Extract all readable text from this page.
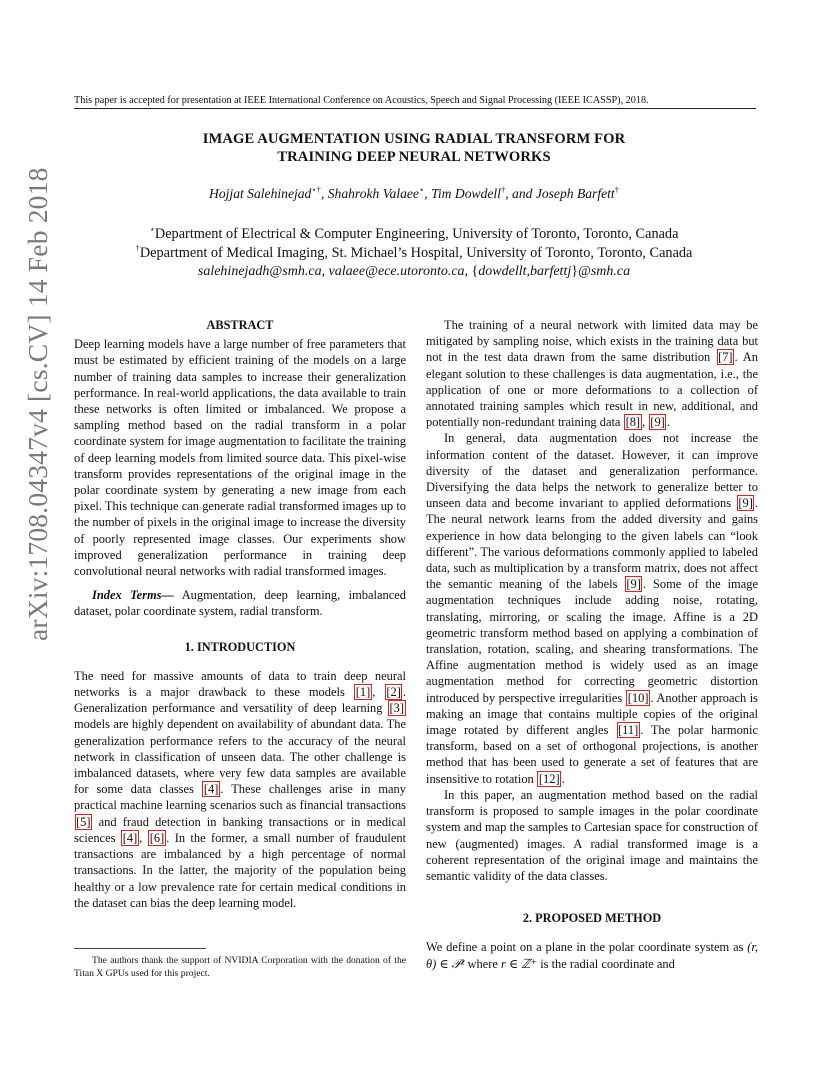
This paper is accepted for presentation at IEEE International Conference on Acoustics, Speech and Signal Processing (IEEE ICASSP), 2018.
IMAGE AUGMENTATION USING RADIAL TRANSFORM FOR
TRAINING DEEP NEURAL NETWORKS
Hojjat Salehinejad⋆†, Shahrokh Valaee⋆, Tim Dowdell†, and Joseph Barfett†
⋆Department of Electrical & Computer Engineering, University of Toronto, Toronto, Canada
†Department of Medical Imaging, St. Michael’s Hospital, University of Toronto, Toronto, Canada
salehinejadh@smh.ca, valaee@ece.utoronto.ca, {dowdellt,barfettj}@smh.ca
arXiv:1708.04347v4 [cs.CV] 14 Feb 2018	ABSTRACT

Deep learning models have a large number of free parameters that must be estimated by efficient training of the models on a large number of training data samples to increase their generalization performance. In real-world applications, the data available to train these networks is often limited or imbalanced. We propose a sampling method based on the radial transform in a polar coordinate system for image augmentation to facilitate the training of deep learning models from limited source data. This pixel-wise transform provides representations of the original image in the polar coordinate system by generating a new image from each pixel. This technique can generate radial transformed images up to the number of pixels in the original image to increase the diversity of poorly represented image classes. Our experiments show improved generalization performance in training deep convolutional neural networks with radial transformed images.

Index Terms— Augmentation, deep learning, imbalanced dataset, polar coordinate system, radial transform.

1. INTRODUCTION

The need for massive amounts of data to train deep neural networks is a major drawback to these models [1] , [2] . Generalization performance and versatility of deep learning [3] models are highly dependent on availability of abundant data. The generalization performance refers to the accuracy of the neural network in classification of unseen data. The other challenge is imbalanced datasets, where very few data samples are available for some data classes [4] . These challenges arise in many practical machine learning scenarios such as financial transactions [5] and fraud detection in banking transactions or in medical sciences [4] , [6] . In the former, a small number of fraudulent transactions are imbalanced by a high percentage of normal transactions. In the latter, the majority of the population being healthy or a low prevalence rate for certain medical conditions in the dataset can bias the deep learning model.

The authors thank the support of NVIDIA Corporation with the donation of the Titan X GPUs used for this project.

The training of a neural network with limited data may be mitigated by sampling noise, which exists in the training data but not in the test data drawn from the same distribution [7] . An elegant solution to these challenges is data augmentation, i.e., the application of one or more deformations to a collection of annotated training samples which result in new, additional, and potentially non-redundant training data [8] , [9] .

In general, data augmentation does not increase the information content of the dataset. However, it can improve diversity of the dataset and generalization performance. Diversifying the data helps the network to generalize better to unseen data and become invariant to applied deformations [9] . The neural network learns from the added diversity and gains experience in how data belonging to the given labels can “look different”. The various deformations commonly applied to labeled data, such as multiplication by a transform matrix, does not affect the semantic meaning of the labels [9] . Some of the image augmentation techniques include adding noise, rotating, translating, mirroring, or scaling the image. Affine is a 2D geometric transform method based on applying a combination of translation, rotation, scaling, and shearing transformations. The Affine augmentation method is widely used as an image augmentation method for correcting geometric distortion introduced by perspective irregularities [10] . Another approach is making an image that contains multiple copies of the original image rotated by different angles [11] . The polar harmonic transform, based on a set of orthogonal projections, is another method that has been used to generate a set of features that are insensitive to rotation [12] .

In this paper, an augmentation method based on the radial transform is proposed to sample images in the polar coordinate system and map the samples to Cartesian space for construction of new (augmented) images. A radial transformed image is a coherent representation of the original image and maintains the semantic validity of the data classes.

2. PROPOSED METHOD

We define a point on a plane in the polar coordinate system as (r, θ) ∈ 𝒫² where r ∈ ℤ⁺ is the radial coordinate and
